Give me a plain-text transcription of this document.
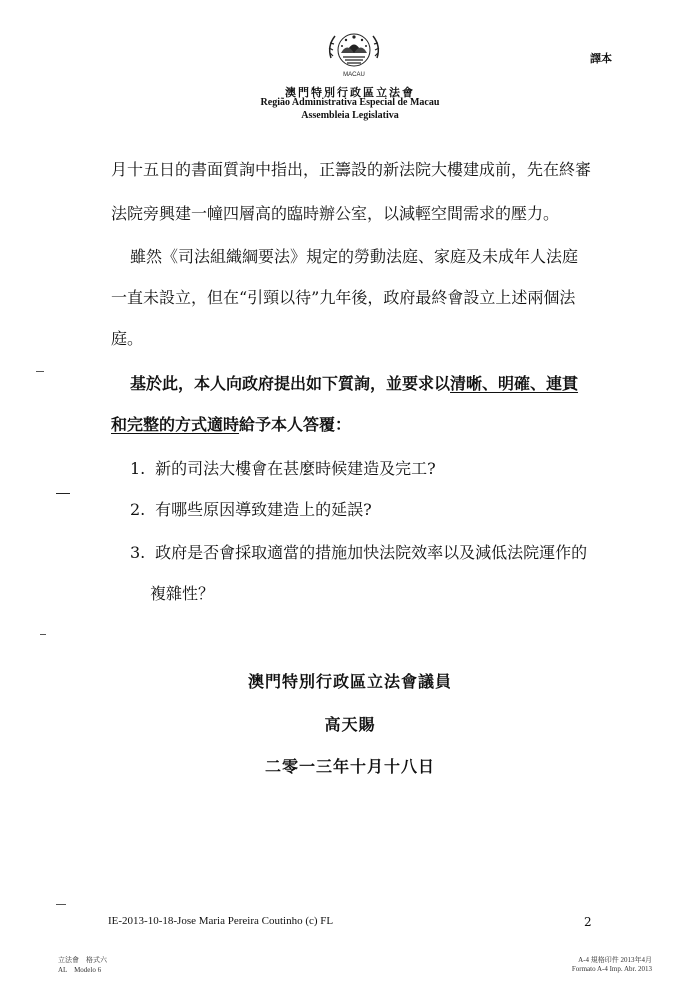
MACAU
譯本
澳門特別行政區立法會
Região Administrativa Especial de Macau
Assembleia Legislativa
月十五日的書面質詢中指出，正籌設的新法院大樓建成前，先在終審
法院旁興建一幢四層高的臨時辦公室，以減輕空間需求的壓力。
雖然《司法組織綱要法》規定的勞動法庭、家庭及未成年人法庭
一直未設立，但在“引頸以待”九年後，政府最終會設立上述兩個法
庭。
基於此，本人向政府提出如下質詢，並要求以清晰、明確、連貫
和完整的方式適時給予本人答覆：
1. 新的司法大樓會在甚麼時候建造及完工?
2. 有哪些原因導致建造上的延誤?
3. 政府是否會採取適當的措施加快法院效率以及減低法院運作的
複雜性？
澳門特別行政區立法會議員
高天賜
二零一三年十月十八日
IE-2013-10-18-Jose Maria Pereira Coutinho (c) FL	2
立法會　格式六
AL　Modelo 6
A-4 規格印件 2013年4月
Formato A-4 Imp. Abr. 2013
